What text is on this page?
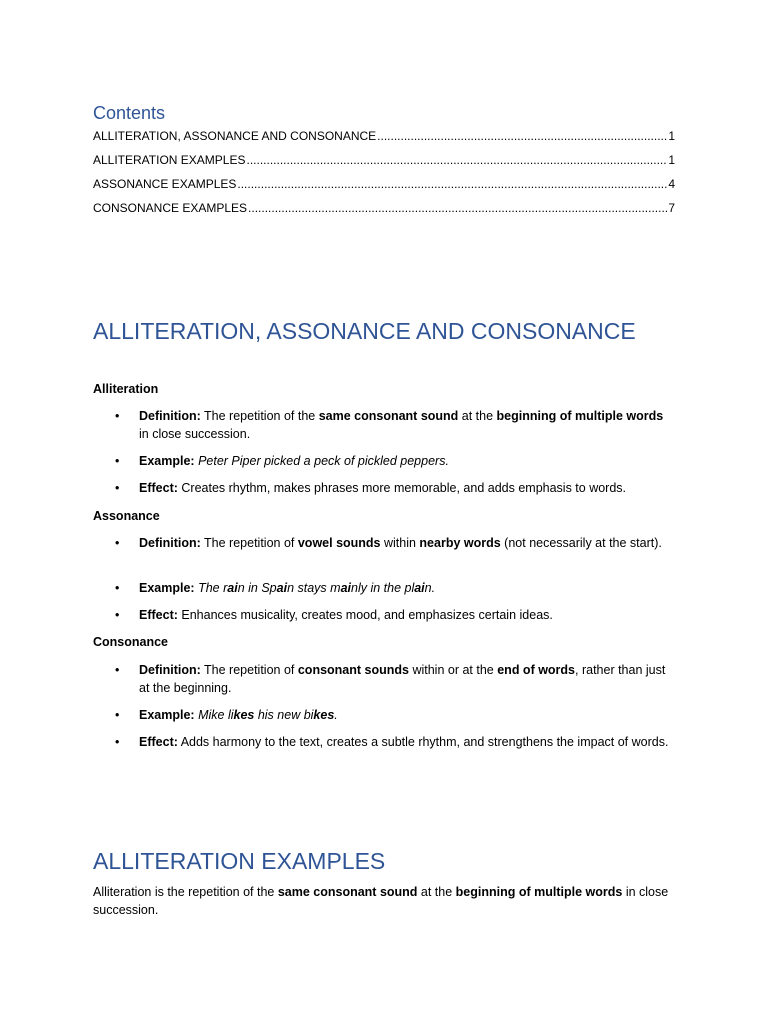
Contents
ALLITERATION, ASSONANCE AND CONSONANCE .....	1
ALLITERATION EXAMPLES .....	1
ASSONANCE EXAMPLES .....	4
CONSONANCE EXAMPLES .....	7
ALLITERATION, ASSONANCE AND CONSONANCE

Alliteration

• Definition: The repetition of the same consonant sound at the beginning of multiple words in close succession.
• Example: Peter Piper picked a peck of pickled peppers.
• Effect: Creates rhythm, makes phrases more memorable, and adds emphasis to words.

Assonance

• Definition: The repetition of vowel sounds within nearby words (not necessarily at the start).
• Example: The rain in Spain stays mainly in the plain.
• Effect: Enhances musicality, creates mood, and emphasizes certain ideas.

Consonance

• Definition: The repetition of consonant sounds within or at the end of words, rather than just at the beginning.
• Example: Mike likes his new bikes.
• Effect: Adds harmony to the text, creates a subtle rhythm, and strengthens the impact of words.
ALLITERATION EXAMPLES

Alliteration is the repetition of the same consonant sound at the beginning of multiple words in close succession.
